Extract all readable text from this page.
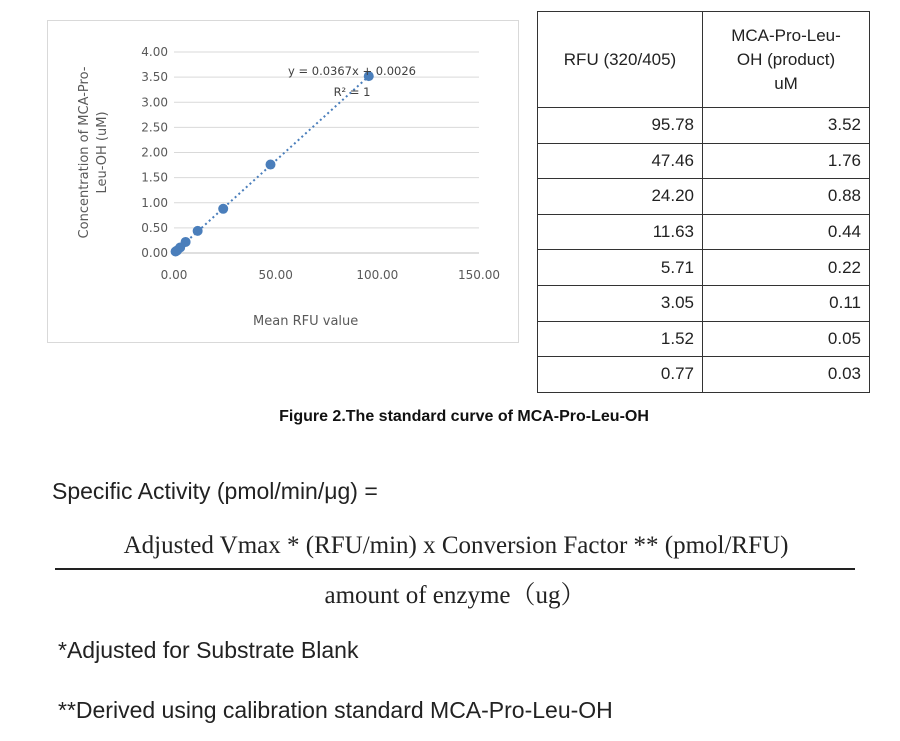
0.00
0.50
1.00
1.50
2.00
2.50
3.00
3.50
4.00
0.00	50.00	100.00	150.00
Mean RFU value
Concentration of MCA-Pro- Leu-OH (uM)
y = 0.0367x + 0.0026
R² = 1
RFU (320/405)	MCA-Pro-Leu-
OH (product)
uM

95.78	3.52
47.46	1.76
24.20	0.88
11.63	0.44
5.71	0.22
3.05	0.11
1.52	0.05
0.77	0.03
Figure 2.The standard curve of MCA-Pro-Leu-OH
Specific Activity (pmol/min/μg) =
Adjusted Vmax * (RFU/min) x Conversion Factor ** (pmol/RFU)
amount of enzyme（ug）
*Adjusted for Substrate Blank
**Derived using calibration standard MCA-Pro-Leu-OH
